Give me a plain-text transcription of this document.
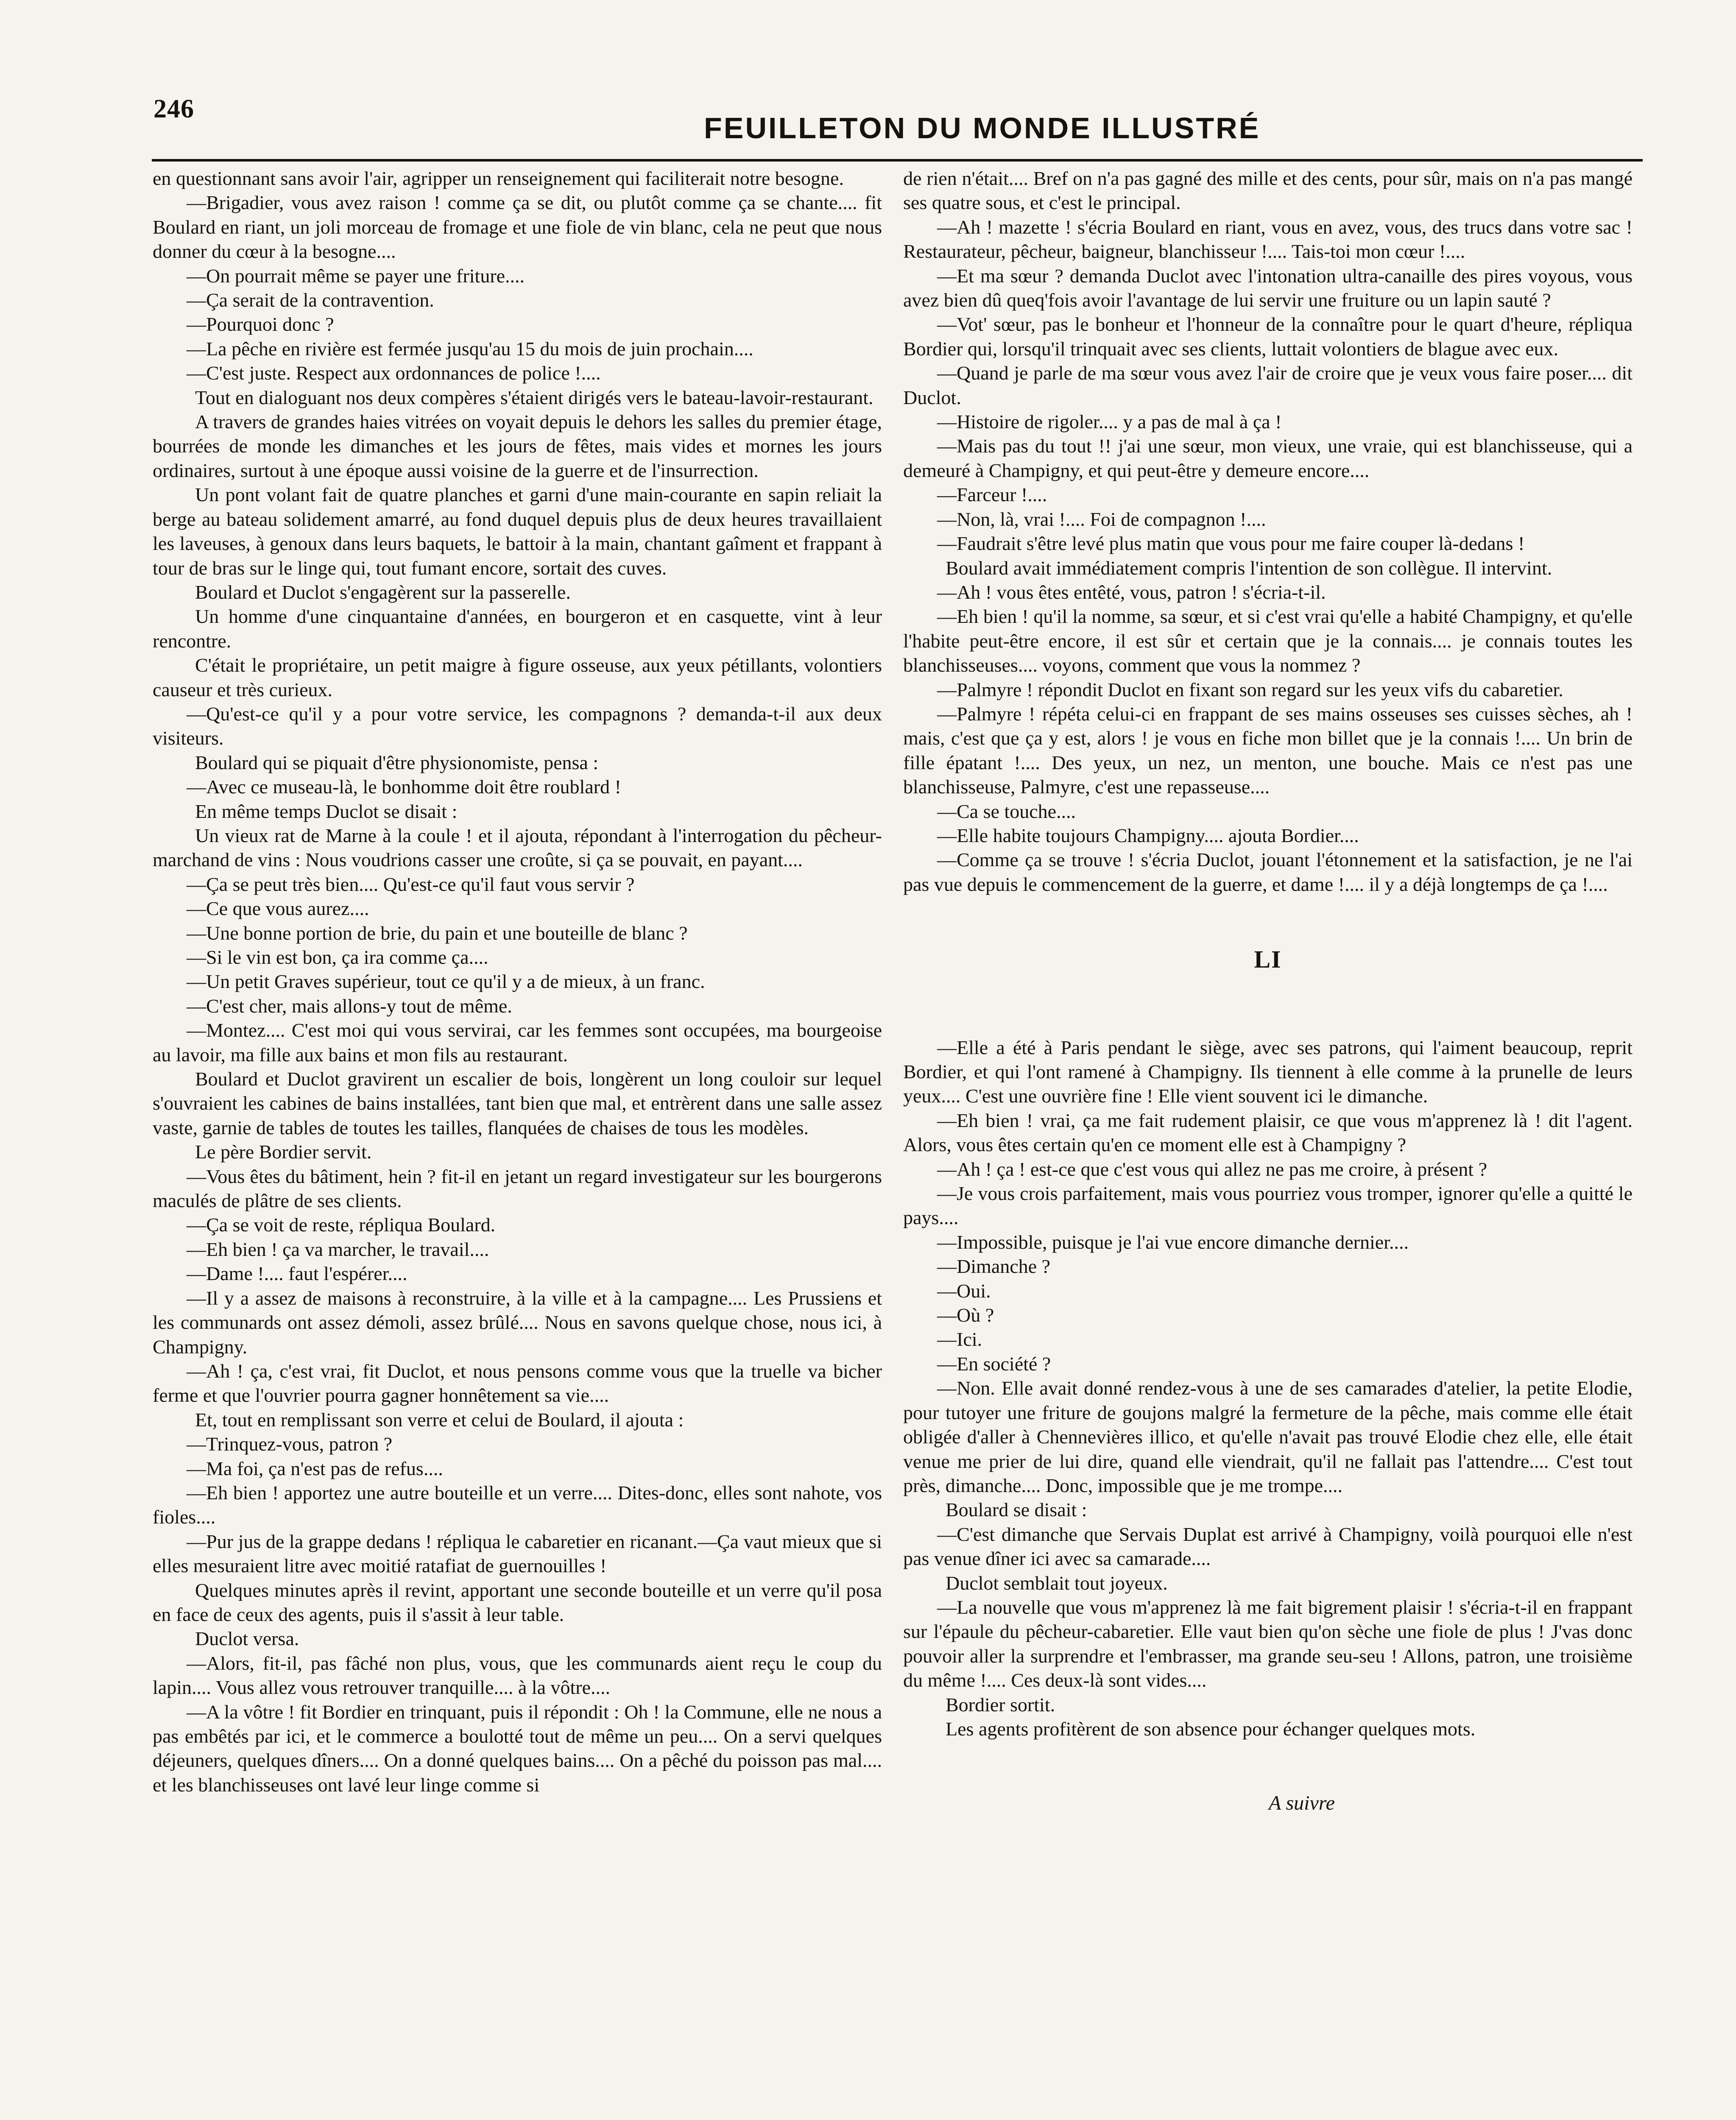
246
FEUILLETON DU MONDE ILLUSTRÉ

en questionnant sans avoir l'air, agripper un renseignement qui faciliterait notre besogne.

—Brigadier, vous avez raison ! comme ça se dit, ou plutôt comme ça se chante.... fit Boulard en riant, un joli morceau de fromage et une fiole de vin blanc, cela ne peut que nous donner du cœur à la besogne....

—On pourrait même se payer une friture....

—Ça serait de la contravention.

—Pourquoi donc ?

—La pêche en rivière est fermée jusqu'au 15 du mois de juin prochain....

—C'est juste. Respect aux ordonnances de police !....

Tout en dialoguant nos deux compères s'étaient dirigés vers le bateau-lavoir-restaurant.

A travers de grandes haies vitrées on voyait depuis le dehors les salles du premier étage, bourrées de monde les dimanches et les jours de fêtes, mais vides et mornes les jours ordinaires, surtout à une époque aussi voisine de la guerre et de l'insurrection.

Un pont volant fait de quatre planches et garni d'une main-courante en sapin reliait la berge au bateau solidement amarré, au fond duquel depuis plus de deux heures travaillaient les laveuses, à genoux dans leurs baquets, le battoir à la main, chantant gaîment et frappant à tour de bras sur le linge qui, tout fumant encore, sortait des cuves.

Boulard et Duclot s'engagèrent sur la passerelle.

Un homme d'une cinquantaine d'années, en bourgeron et en casquette, vint à leur rencontre.

C'était le propriétaire, un petit maigre à figure osseuse, aux yeux pétillants, volontiers causeur et très curieux.

—Qu'est-ce qu'il y a pour votre service, les compagnons ? demanda-t-il aux deux visiteurs.

Boulard qui se piquait d'être physionomiste, pensa :

—Avec ce museau-là, le bonhomme doit être roublard !

En même temps Duclot se disait :

Un vieux rat de Marne à la coule ! et il ajouta, répondant à l'interrogation du pêcheur-marchand de vins : Nous voudrions casser une croûte, si ça se pouvait, en payant....

—Ça se peut très bien.... Qu'est-ce qu'il faut vous servir ?

—Ce que vous aurez....

—Une bonne portion de brie, du pain et une bouteille de blanc ?

—Si le vin est bon, ça ira comme ça....

—Un petit Graves supérieur, tout ce qu'il y a de mieux, à un franc.

—C'est cher, mais allons-y tout de même.

—Montez.... C'est moi qui vous servirai, car les femmes sont occupées, ma bourgeoise au lavoir, ma fille aux bains et mon fils au restaurant.

Boulard et Duclot gravirent un escalier de bois, longèrent un long couloir sur lequel s'ouvraient les cabines de bains installées, tant bien que mal, et entrèrent dans une salle assez vaste, garnie de tables de toutes les tailles, flanquées de chaises de tous les modèles.

Le père Bordier servit.

—Vous êtes du bâtiment, hein ? fit-il en jetant un regard investigateur sur les bourgerons maculés de plâtre de ses clients.

—Ça se voit de reste, répliqua Boulard.

—Eh bien ! ça va marcher, le travail....

—Dame !.... faut l'espérer....

—Il y a assez de maisons à reconstruire, à la ville et à la campagne.... Les Prussiens et les communards ont assez démoli, assez brûlé.... Nous en savons quelque chose, nous ici, à Champigny.

—Ah ! ça, c'est vrai, fit Duclot, et nous pensons comme vous que la truelle va bicher ferme et que l'ouvrier pourra gagner honnêtement sa vie....

Et, tout en remplissant son verre et celui de Boulard, il ajouta :

—Trinquez-vous, patron ?

—Ma foi, ça n'est pas de refus....

—Eh bien ! apportez une autre bouteille et un verre.... Dites-donc, elles sont nahote, vos fioles....

—Pur jus de la grappe dedans ! répliqua le cabaretier en ricanant.—Ça vaut mieux que si elles mesuraient litre avec moitié ratafiat de guernouilles !

Quelques minutes après il revint, apportant une seconde bouteille et un verre qu'il posa en face de ceux des agents, puis il s'assit à leur table.

Duclot versa.

—Alors, fit-il, pas fâché non plus, vous, que les communards aient reçu le coup du lapin.... Vous allez vous retrouver tranquille.... à la vôtre....

—A la vôtre ! fit Bordier en trinquant, puis il répondit : Oh ! la Commune, elle ne nous a pas embêtés par ici, et le commerce a boulotté tout de même un peu.... On a servi quelques déjeuners, quelques dîners.... On a donné quelques bains.... On a pêché du poisson pas mal.... et les blanchisseuses ont lavé leur linge comme si

de rien n'était.... Bref on n'a pas gagné des mille et des cents, pour sûr, mais on n'a pas mangé ses quatre sous, et c'est le principal.

—Ah ! mazette ! s'écria Boulard en riant, vous en avez, vous, des trucs dans votre sac ! Restaurateur, pêcheur, baigneur, blanchisseur !.... Tais-toi mon cœur !....

—Et ma sœur ? demanda Duclot avec l'intonation ultra-canaille des pires voyous, vous avez bien dû queq'fois avoir l'avantage de lui servir une fruiture ou un lapin sauté ?

—Vot' sœur, pas le bonheur et l'honneur de la connaître pour le quart d'heure, répliqua Bordier qui, lorsqu'il trinquait avec ses clients, luttait volontiers de blague avec eux.

—Quand je parle de ma sœur vous avez l'air de croire que je veux vous faire poser.... dit Duclot.

—Histoire de rigoler.... y a pas de mal à ça !

—Mais pas du tout !! j'ai une sœur, mon vieux, une vraie, qui est blanchisseuse, qui a demeuré à Champigny, et qui peut-être y demeure encore....

—Farceur !....

—Non, là, vrai !.... Foi de compagnon !....

—Faudrait s'être levé plus matin que vous pour me faire couper là-dedans !

Boulard avait immédiatement compris l'intention de son collègue. Il intervint.

—Ah ! vous êtes entêté, vous, patron ! s'écria-t-il.

—Eh bien ! qu'il la nomme, sa sœur, et si c'est vrai qu'elle a habité Champigny, et qu'elle l'habite peut-être encore, il est sûr et certain que je la connais.... je connais toutes les blanchisseuses.... voyons, comment que vous la nommez ?

—Palmyre ! répondit Duclot en fixant son regard sur les yeux vifs du cabaretier.

—Palmyre ! répéta celui-ci en frappant de ses mains osseuses ses cuisses sèches, ah ! mais, c'est que ça y est, alors ! je vous en fiche mon billet que je la connais !.... Un brin de fille épatant !.... Des yeux, un nez, un menton, une bouche. Mais ce n'est pas une blanchisseuse, Palmyre, c'est une repasseuse....

—Ca se touche....

—Elle habite toujours Champigny.... ajouta Bordier....

—Comme ça se trouve ! s'écria Duclot, jouant l'étonnement et la satisfaction, je ne l'ai pas vue depuis le commencement de la guerre, et dame !.... il y a déjà longtemps de ça !....

LI

—Elle a été à Paris pendant le siège, avec ses patrons, qui l'aiment beaucoup, reprit Bordier, et qui l'ont ramené à Champigny. Ils tiennent à elle comme à la prunelle de leurs yeux.... C'est une ouvrière fine ! Elle vient souvent ici le dimanche.

—Eh bien ! vrai, ça me fait rudement plaisir, ce que vous m'apprenez là ! dit l'agent. Alors, vous êtes certain qu'en ce moment elle est à Champigny ?

—Ah ! ça ! est-ce que c'est vous qui allez ne pas me croire, à présent ?

—Je vous crois parfaitement, mais vous pourriez vous tromper, ignorer qu'elle a quitté le pays....

—Impossible, puisque je l'ai vue encore dimanche dernier....

—Dimanche ?

—Oui.

—Où ?

—Ici.

—En société ?

—Non. Elle avait donné rendez-vous à une de ses camarades d'atelier, la petite Elodie, pour tutoyer une friture de goujons malgré la fermeture de la pêche, mais comme elle était obligée d'aller à Chennevières illico, et qu'elle n'avait pas trouvé Elodie chez elle, elle était venue me prier de lui dire, quand elle viendrait, qu'il ne fallait pas l'attendre.... C'est tout près, dimanche.... Donc, impossible que je me trompe....

Boulard se disait :

—C'est dimanche que Servais Duplat est arrivé à Champigny, voilà pourquoi elle n'est pas venue dîner ici avec sa camarade....

Duclot semblait tout joyeux.

—La nouvelle que vous m'apprenez là me fait bigrement plaisir ! s'écria-t-il en frappant sur l'épaule du pêcheur-cabaretier. Elle vaut bien qu'on sèche une fiole de plus ! J'vas donc pouvoir aller la surprendre et l'embrasser, ma grande seu-seu ! Allons, patron, une troisième du même !.... Ces deux-là sont vides....

Bordier sortit.

Les agents profitèrent de son absence pour échanger quelques mots.

A suivre
